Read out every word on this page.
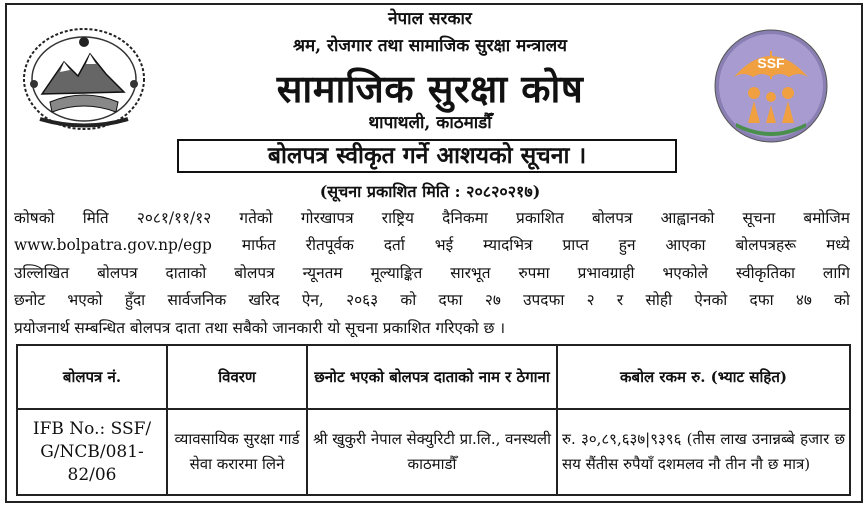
SSF
नेपाल सरकार
श्रम, रोजगार तथा सामाजिक सुरक्षा मन्त्रालय
सामाजिक सुरक्षा कोष
थापाथली, काठमाडौँ
बोलपत्र स्वीकृत गर्ने आशयको सूचना ।
(सूचना प्रकाशित मिति : २०८२०२१७)
कोषको मिति २०८१/११/१२ गतेको गोरखापत्र राष्ट्रिय दैनिकमा प्रकाशित बोलपत्र आह्वानको सूचना बमोजिम
www.bolpatra.gov.np/egp मार्फत रीतपूर्वक दर्ता भई म्यादभित्र प्राप्त हुन आएका बोलपत्रहरू मध्ये
उल्लिखित बोलपत्र दाताको बोलपत्र न्यूनतम मूल्याङ्कित सारभूत रुपमा प्रभावग्राही भएकोले स्वीकृतिका लागि
छनोट भएको हुँदा सार्वजनिक खरिद ऐन, २०६३ को दफा २७ उपदफा २ र सोही ऐनको दफा ४७ को
प्रयोजनार्थ सम्बन्धित बोलपत्र दाता तथा सबैको जानकारी यो सूचना प्रकाशित गरिएको छ ।
बोलपत्र नं.	विवरण	छनोट भएको बोलपत्र दाताको नाम र ठेगाना	कबोल रकम रु. (भ्याट सहित)
IFB No.: SSF/ G/NCB/081-82/06	व्यावसायिक सुरक्षा गार्ड सेवा करारमा लिने	श्री खुकुरी नेपाल सेक्युरिटी प्रा.लि., वनस्थली काठमाडौँ	रु. ३०,८९,६३७|९३९६ (तीस लाख उनान्नब्बे हजार छ सय सैंतीस रुपैयाँ दशमलव नौ तीन नौ छ मात्र)
